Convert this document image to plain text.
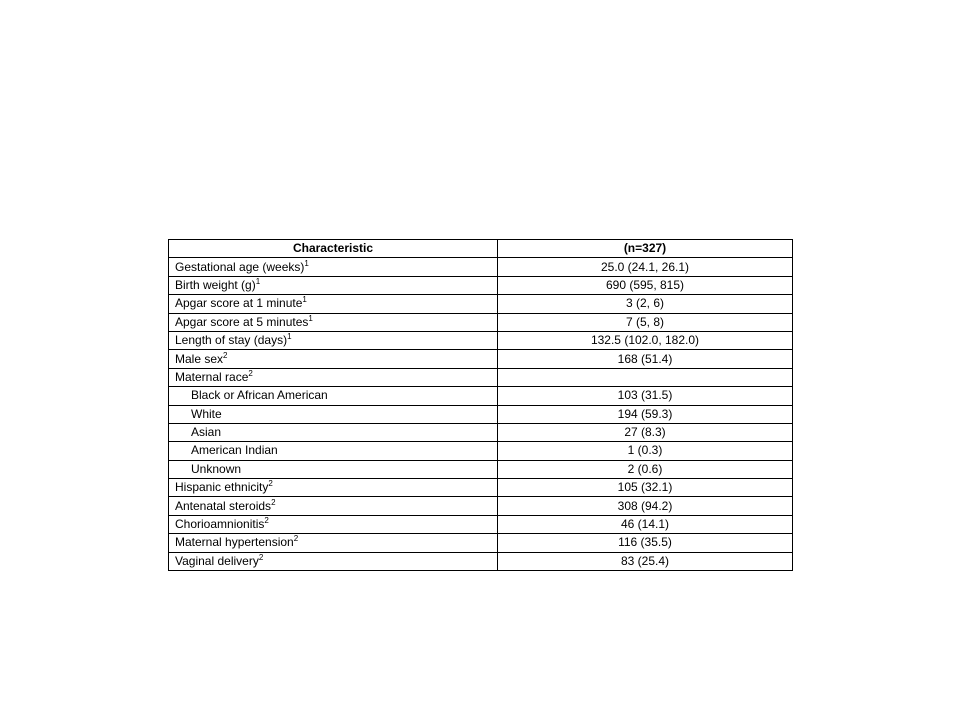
Characteristic	(n=327)
Gestational age (weeks)$^1$	25.0 (24.1, 26.1)
Birth weight $(g)^1$	690 (595, 815)
Apgar score at 1 minute$^1$	3 (2, 6)
Apgar score at 5 minutes$^1$	7 (5, 8)
Length of stay (days)$^1$	132.5 (102.0, 182.0)
Male sex$^2$	168 (51.4)
Maternal race$^2$	
Black or African American	103 (31.5)
White	194 (59.3)
Asian	27 (8.3)
American Indian	1 (0.3)
Unknown	2 (0.6)
Hispanic ethnicity$^2$	105 (32.1)
Antenatal steroids$^2$	308 (94.2)
Chorioamnionitis$^2$	46 (14.1)
Maternal hypertension$^2$	116 (35.5)
Vaginal delivery$^2$	83 (25.4)
